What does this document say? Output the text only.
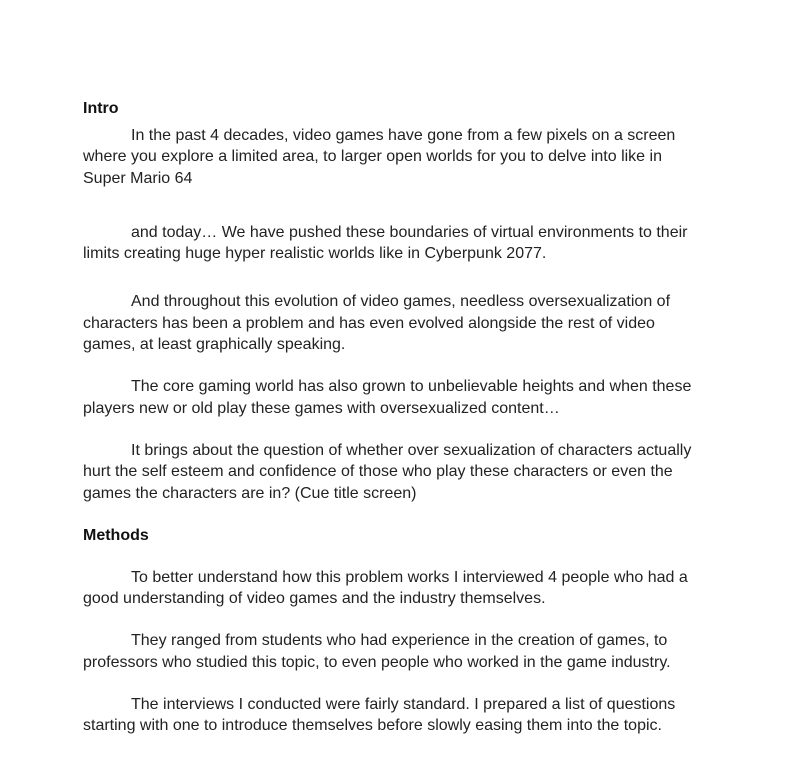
Intro

In the past 4 decades, video games have gone from a few pixels on a screen where you explore a limited area, to larger open worlds for you to delve into like in Super Mario 64

and today… We have pushed these boundaries of virtual environments to their limits creating huge hyper realistic worlds like in Cyberpunk 2077.

And throughout this evolution of video games, needless oversexualization of characters has been a problem and has even evolved alongside the rest of video games, at least graphically speaking.

The core gaming world has also grown to unbelievable heights and when these players new or old play these games with oversexualized content…

It brings about the question of whether over sexualization of characters actually hurt the self esteem and confidence of those who play these characters or even the games the characters are in? (Cue title screen)

Methods

To better understand how this problem works I interviewed 4 people who had a good understanding of video games and the industry themselves.

They ranged from students who had experience in the creation of games, to professors who studied this topic, to even people who worked in the game industry.

The interviews I conducted were fairly standard. I prepared a list of questions starting with one to introduce themselves before slowly easing them into the topic.
